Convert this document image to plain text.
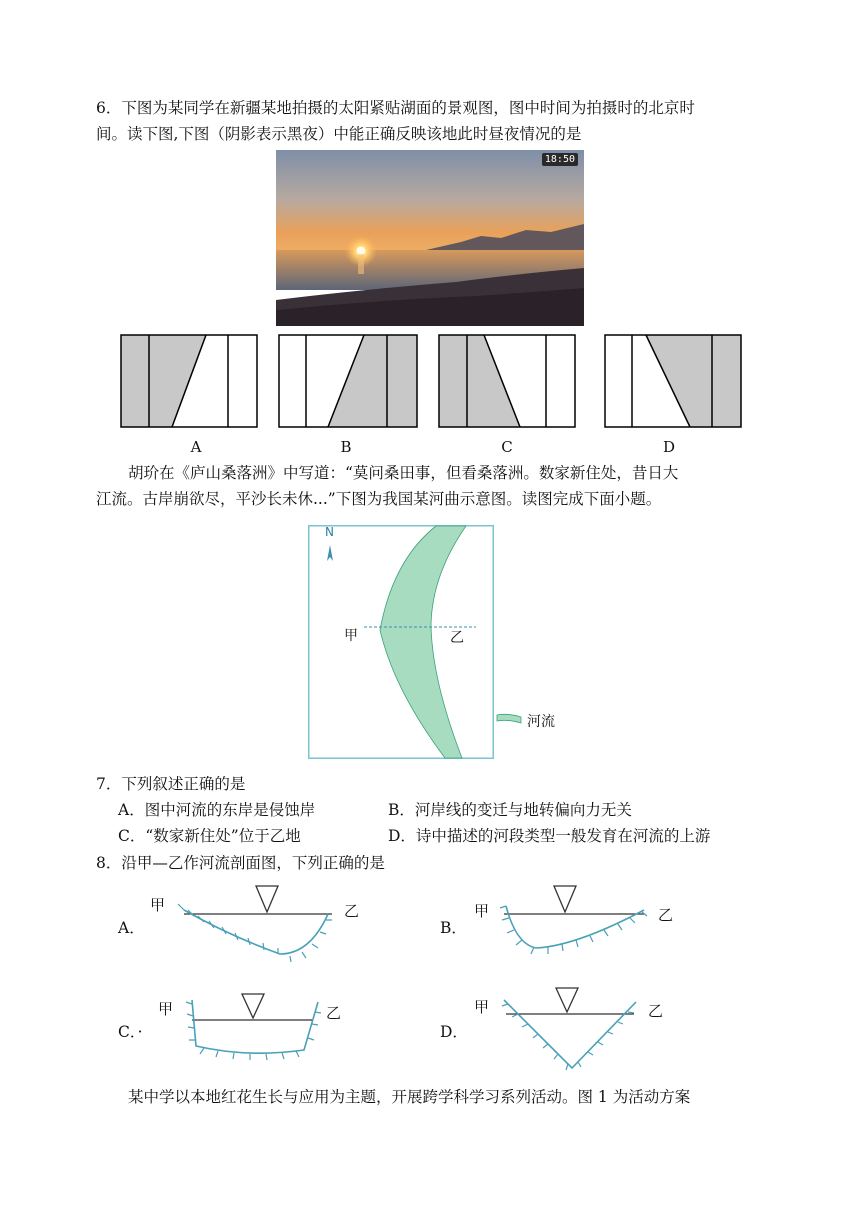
6．下图为某同学在新疆某地拍摄的太阳紧贴湖面的景观图，图中时间为拍摄时的北京时
间。读下图,下图（阴影表示黑夜）中能正确反映该地此时昼夜情况的是
18:50
A	B	C	D
胡玠在《庐山桑落洲》中写道：“莫问桑田事，但看桑落洲。数家新住处，昔日大
江流。古岸崩欲尽，平沙长未休...”下图为我国某河曲示意图。读图完成下面小题。
N
甲	乙
河流
7．下列叙述正确的是
A．图中河流的东岸是侵蚀岸	B．河岸线的变迁与地转偏向力无关
C．“数家新住处”位于乙地	D．诗中描述的河段类型一般发育在河流的上游
8．沿甲—乙作河流剖面图，下列正确的是
A．
甲	乙
B．
甲	乙
C．·
甲	乙
D．
甲	乙
某中学以本地红花生长与应用为主题，开展跨学科学习系列活动。图 1 为活动方案
